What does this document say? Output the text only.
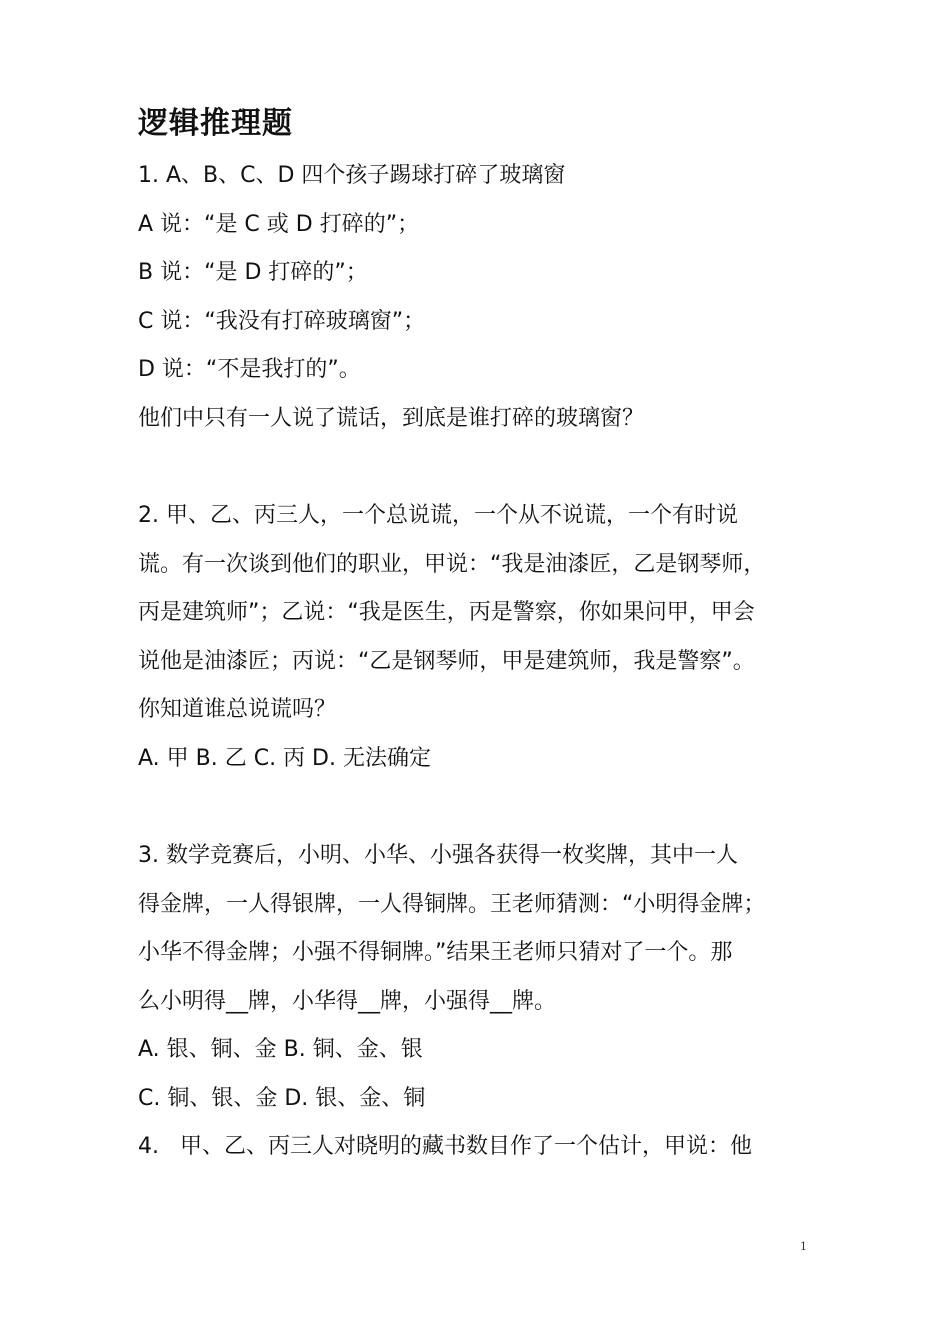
逻辑推理题

1. A、B、C、D 四个孩子踢球打碎了玻璃窗

A 说：“是 C 或 D 打碎的”；

B 说：“是 D 打碎的”；

C 说：“我没有打碎玻璃窗”；

D 说：“不是我打的”。

他们中只有一人说了谎话，到底是谁打碎的玻璃窗？

2. 甲、乙、丙三人，一个总说谎，一个从不说谎，一个有时说

谎。有一次谈到他们的职业，甲说：“我是油漆匠，乙是钢琴师，

丙是建筑师”；乙说：“我是医生，丙是警察，你如果问甲，甲会

说他是油漆匠；丙说：“乙是钢琴师，甲是建筑师，我是警察”。

你知道谁总说谎吗？

A. 甲 B. 乙 C. 丙 D. 无法确定

3. 数学竞赛后，小明、小华、小强各获得一枚奖牌，其中一人

得金牌，一人得银牌，一人得铜牌。王老师猜测：“小明得金牌；

小华不得金牌；小强不得铜牌。”结果王老师只猜对了一个。那

么小明得__牌，小华得__牌，小强得__牌。

A. 银、铜、金 B. 铜、金、银

C. 铜、银、金 D. 银、金、铜

4.   甲、乙、丙三人对晓明的藏书数目作了一个估计，甲说：他

1
